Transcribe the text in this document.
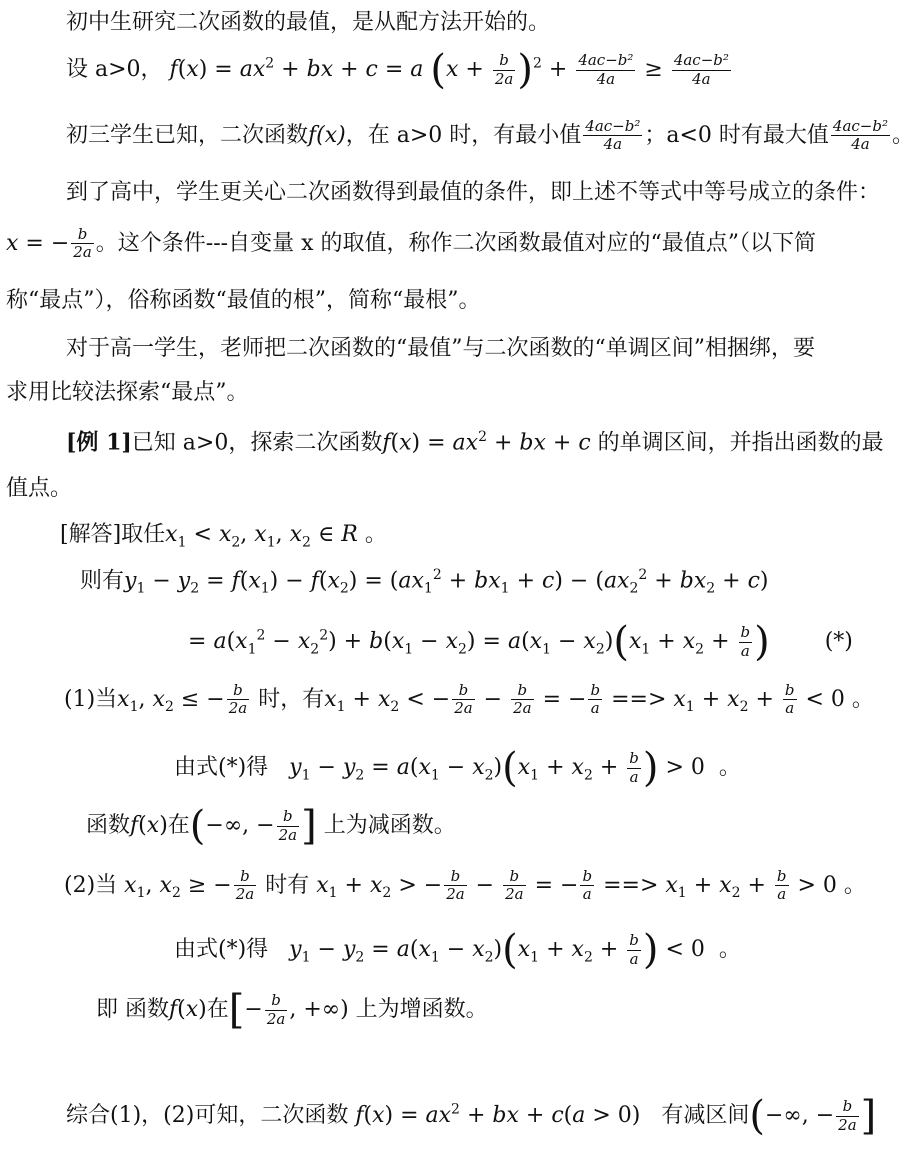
初中生研究二次函数的最值，是从配方法开始的。
设 a>0， $f(x) = ax^2$ + bx + c = a $(x + \frac{b}{2a} )^2 + \frac{\text{4ac−b²}}{4a} \ge \frac{\text{4ac−b²}}{4a}$
初三学生已知，二次函数f(x)，在 a>0 时，有最小值 $\frac{\text{4ac−b²}}{4a}$ ；a<0 时有最大值 $\frac{\text{4ac−b²}}{4a}$ 。
到了高中，学生更关心二次函数得到最值的条件，即上述不等式中等号成立的条件：
x = − $\frac{b}{2a}$ 。这个条件---自变量 x 的取值，称作二次函数最值对应的“最值点”（以下简
称“最点”），俗称函数“最值的根”，简称“最根”。
对于高一学生，老师把二次函数的“最值”与二次函数的“单调区间”相捆绑，要
求用比较法探索“最点”。
[例 1]已知 a>0，探索二次函数$f(x) = ax^2$ + bx + c 的单调区间，并指出函数的最
值点。
[解答]取任$x_1 < x_2$, $x_1$, $x_2$ ∈ R 。
则有$y_1 - y_2 = f(x_1) - f(x_2) = (ax_1^2 + bx_1 + c) - (ax_2^2 + bx_2 + c)$
= $a(x_1^2 - x_2^2) + b(x_1 - x_2) = a(x_1 - x_2)(x_1 + x_2 + \frac{b}{a}$ )	(*)
(1)当$x_1$, $x_2$ ≤ − $\frac{b}{2a}$ 时，有$x_1 + x_2$ < − $\frac{b}{2a} - \frac{b}{2a}$ = − $\frac{b}{a}$ ==> $x_1 + x_2 + \frac{b}{a} < 0$ 。
由式(*)得 $y_1 - y_2 = a(x_1 - x_2)(x_1 + x_2 + \frac{b}{a}$ ) > 0  。
函数f(x)在(−∞, − $\frac{b}{2a}$ ] 上为减函数。
(2)当 $x_1$, $x_2$ ≥ − $\frac{b}{2a}$ 时有 $x_1 + x_2$ > − $\frac{b}{2a} - \frac{b}{2a}$ = − $\frac{b}{a}$ ==> $x_1 + x_2 + \frac{b}{a} > 0$ 。
由式(*)得 $y_1 - y_2 = a(x_1 - x_2)(x_1 + x_2 + \frac{b}{a}$ ) < 0  。
即 函数f(x)在[− $\frac{b}{2a}$ , +∞) 上为增函数。
综合(1)，(2)可知，二次函数 $f(x) = ax^2$ + bx + c(a > 0)   有减区间(−∞, − $\frac{b}{2a}$ ]
